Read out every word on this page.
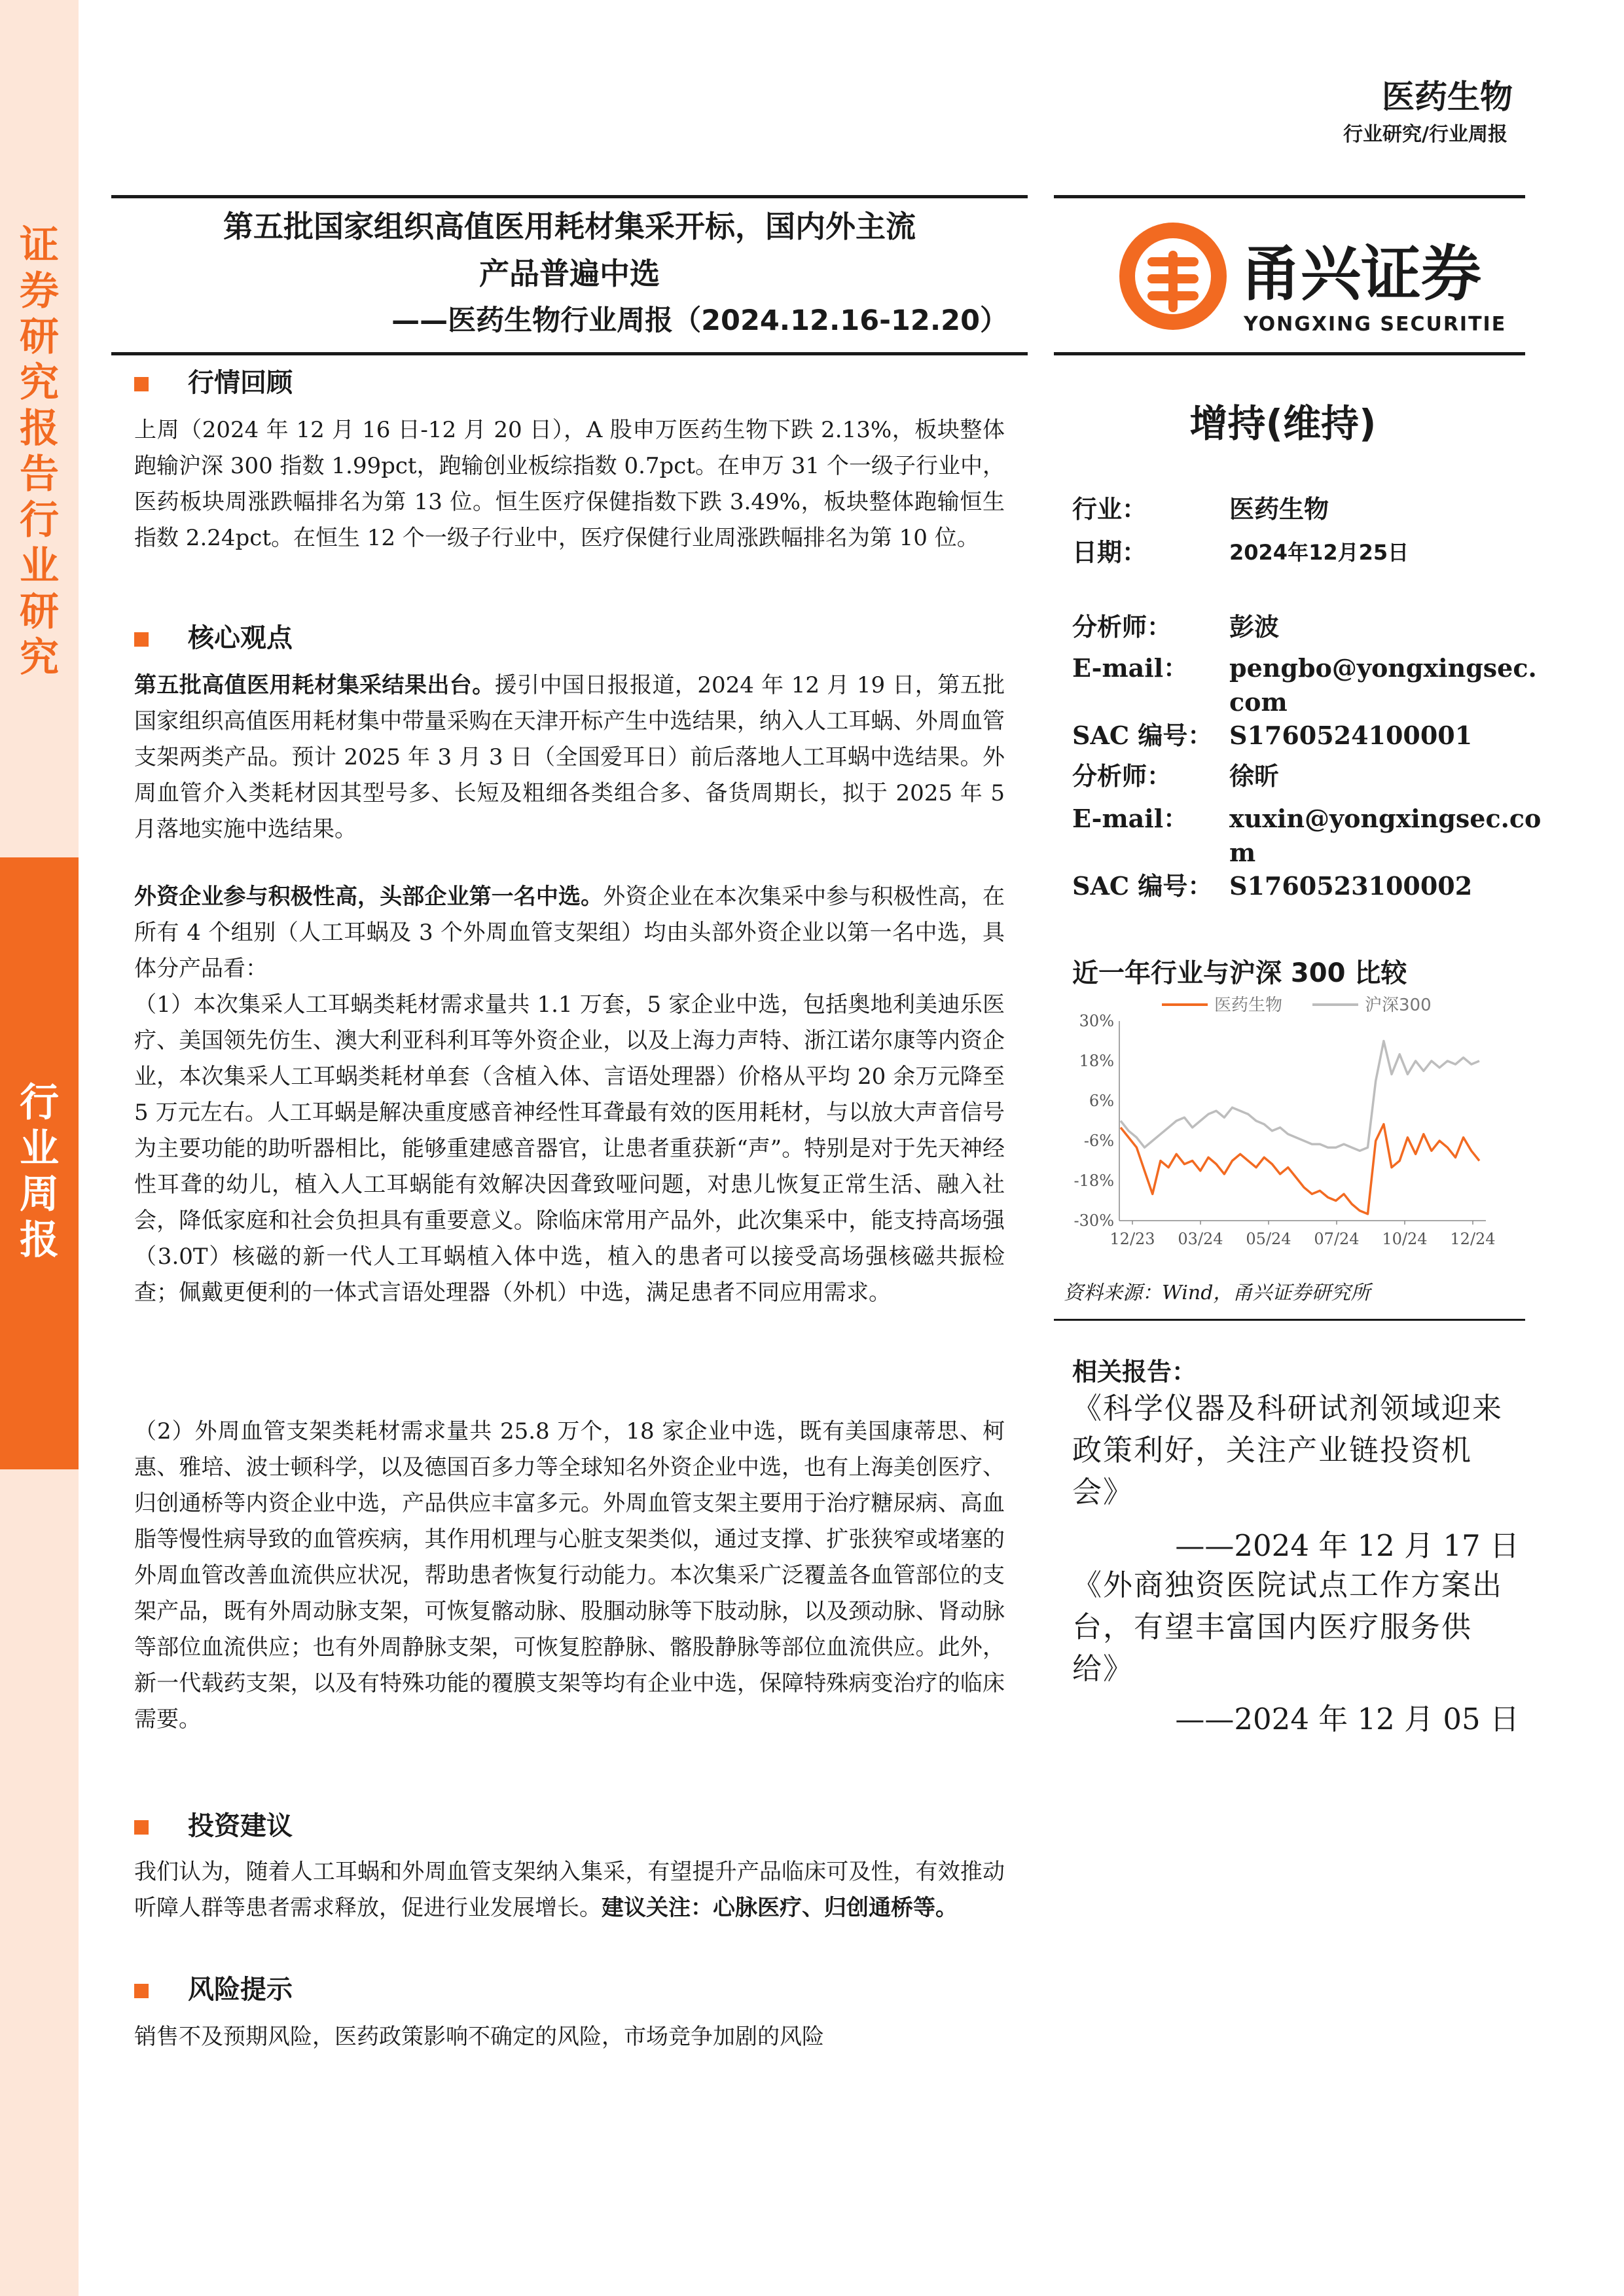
证券研究报告 行业研究
行业周报
医药生物
行业研究/行业周报
第五批国家组织高值医用耗材集采开标，国内外主流
产品普遍中选
——医药生物行业周报（2024.12.16-12.20）
行情回顾
上周（2024 年 12 月 16 日-12 月 20 日），A 股申万医药生物下跌 2.13%，板块整体跑输沪深 300 指数 1.99pct，跑输创业板综指数 0.7pct。在申万 31 个一级子行业中，医药板块周涨跌幅排名为第 13 位。恒生医疗保健指数下跌 3.49%，板块整体跑输恒生指数 2.24pct。在恒生 12 个一级子行业中，医疗保健行业周涨跌幅排名为第 10 位。
核心观点
第五批高值医用耗材集采结果出台。援引中国日报报道，2024 年 12 月 19 日，第五批国家组织高值医用耗材集中带量采购在天津开标产生中选结果，纳入人工耳蜗、外周血管支架两类产品。预计 2025 年 3 月 3 日（全国爱耳日）前后落地人工耳蜗中选结果。外周血管介入类耗材因其型号多、长短及粗细各类组合多、备货周期长，拟于 2025 年 5 月落地实施中选结果。
外资企业参与积极性高，头部企业第一名中选。外资企业在本次集采中参与积极性高，在所有 4 个组别（人工耳蜗及 3 个外周血管支架组）均由头部外资企业以第一名中选，具体分产品看：
（1）本次集采人工耳蜗类耗材需求量共 1.1 万套，5 家企业中选，包括奥地利美迪乐医疗、美国领先仿生、澳大利亚科利耳等外资企业，以及上海力声特、浙江诺尔康等内资企业，本次集采人工耳蜗类耗材单套（含植入体、言语处理器）价格从平均 20 余万元降至 5 万元左右。人工耳蜗是解决重度感音神经性耳聋最有效的医用耗材，与以放大声音信号为主要功能的助听器相比，能够重建感音器官，让患者重获新“声”。特别是对于先天神经性耳聋的幼儿，植入人工耳蜗能有效解决因聋致哑问题，对患儿恢复正常生活、融入社会，降低家庭和社会负担具有重要意义。除临床常用产品外，此次集采中，能支持高场强（3.0T）核磁的新一代人工耳蜗植入体中选，植入的患者可以接受高场强核磁共振检查；佩戴更便利的一体式言语处理器（外机）中选，满足患者不同应用需求。
（2）外周血管支架类耗材需求量共 25.8 万个，18 家企业中选，既有美国康蒂思、柯惠、雅培、波士顿科学，以及德国百多力等全球知名外资企业中选，也有上海美创医疗、归创通桥等内资企业中选，产品供应丰富多元。外周血管支架主要用于治疗糖尿病、高血脂等慢性病导致的血管疾病，其作用机理与心脏支架类似，通过支撑、扩张狭窄或堵塞的外周血管改善血流供应状况，帮助患者恢复行动能力。本次集采广泛覆盖各血管部位的支架产品，既有外周动脉支架，可恢复髂动脉、股腘动脉等下肢动脉，以及颈动脉、肾动脉等部位血流供应；也有外周静脉支架，可恢复腔静脉、髂股静脉等部位血流供应。此外，新一代载药支架，以及有特殊功能的覆膜支架等均有企业中选，保障特殊病变治疗的临床需要。
投资建议
我们认为，随着人工耳蜗和外周血管支架纳入集采，有望提升产品临床可及性，有效推动听障人群等患者需求释放，促进行业发展增长。建议关注：心脉医疗、归创通桥等。
风险提示
销售不及预期风险，医药政策影响不确定的风险，市场竞争加剧的风险
甬兴证券
YONGXING SECURITIES
增持(维持)
行业：	医药生物
日期：	2024年12月25日
分析师：	彭波
E-mail：	pengbo@yongxingsec.
com
SAC 编号： S1760524100001
分析师：	徐昕
E-mail：	xuxin@yongxingsec.co
m
SAC 编号： S1760523100002
近一年行业与沪深 300 比较
30%
18%
6%
-6%
-18%
-30%
12/23 03/24 05/24 07/24 10/24 12/24
医药生物	沪深300
资料来源：Wind，甬兴证券研究所
相关报告：
《科学仪器及科研试剂领域迎来政策利好，关注产业链投资机会》
——2024 年 12 月 17 日
《外商独资医院试点工作方案出台，有望丰富国内医疗服务供给》
——2024 年 12 月 05 日
